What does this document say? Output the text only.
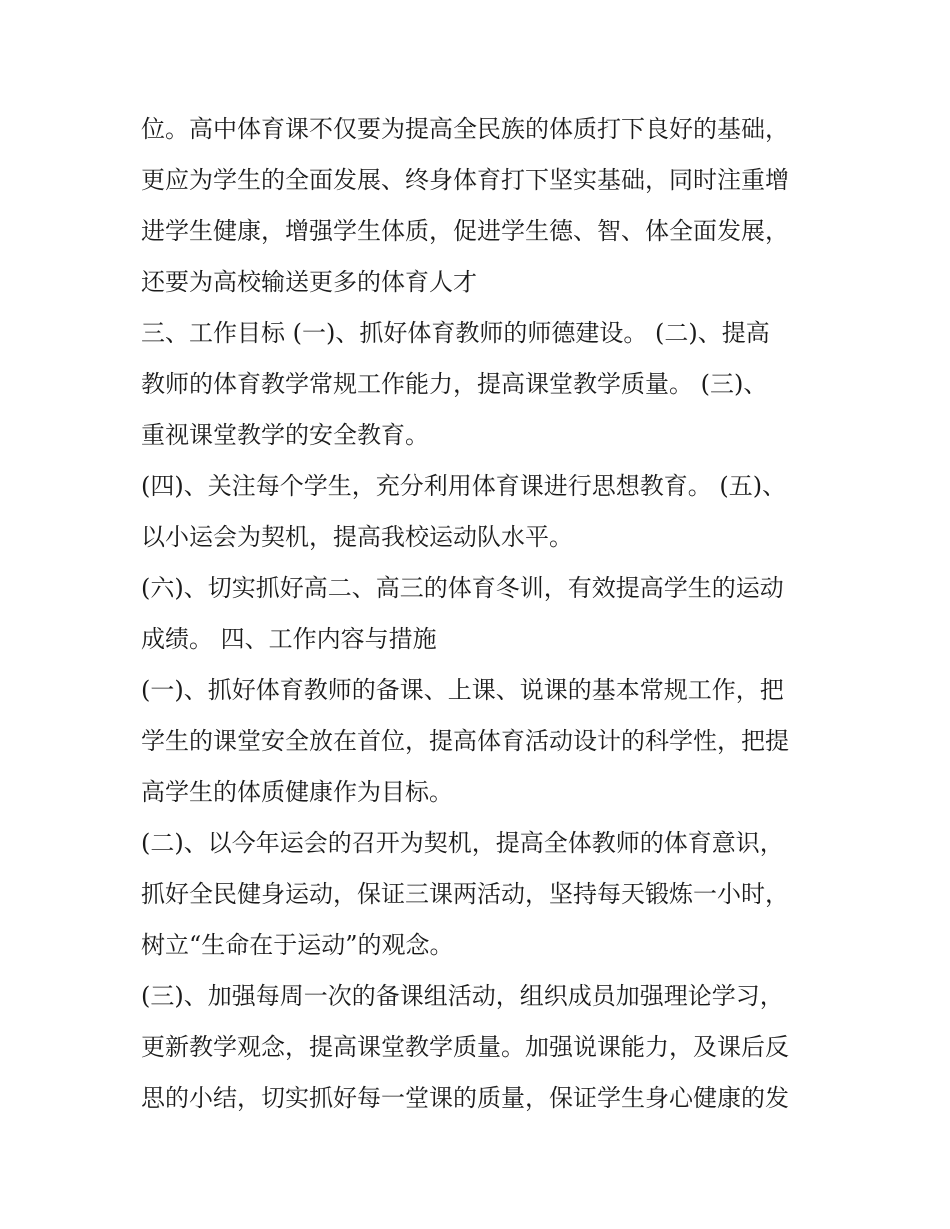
位。高中体育课不仅要为提高全民族的体质打下良好的基础，
更应为学生的全面发展、终身体育打下坚实基础，同时注重增
进学生健康，增强学生体质，促进学生德、智、体全面发展，
还要为高校输送更多的体育人才
三、工作目标 (一)、抓好体育教师的师德建设。 (二)、提高
教师的体育教学常规工作能力，提高课堂教学质量。 (三)、
重视课堂教学的安全教育。
(四)、关注每个学生，充分利用体育课进行思想教育。 (五)、
以小运会为契机，提高我校运动队水平。
(六)、切实抓好高二、高三的体育冬训，有效提高学生的运动
成绩。 四、工作内容与措施
(一)、抓好体育教师的备课、上课、说课的基本常规工作，把
学生的课堂安全放在首位，提高体育活动设计的科学性，把提
高学生的体质健康作为目标。
(二)、以今年运会的召开为契机，提高全体教师的体育意识，
抓好全民健身运动，保证三课两活动，坚持每天锻炼一小时，
树立“生命在于运动”的观念。
(三)、加强每周一次的备课组活动，组织成员加强理论学习，
更新教学观念，提高课堂教学质量。加强说课能力，及课后反
思的小结，切实抓好每一堂课的质量，保证学生身心健康的发
